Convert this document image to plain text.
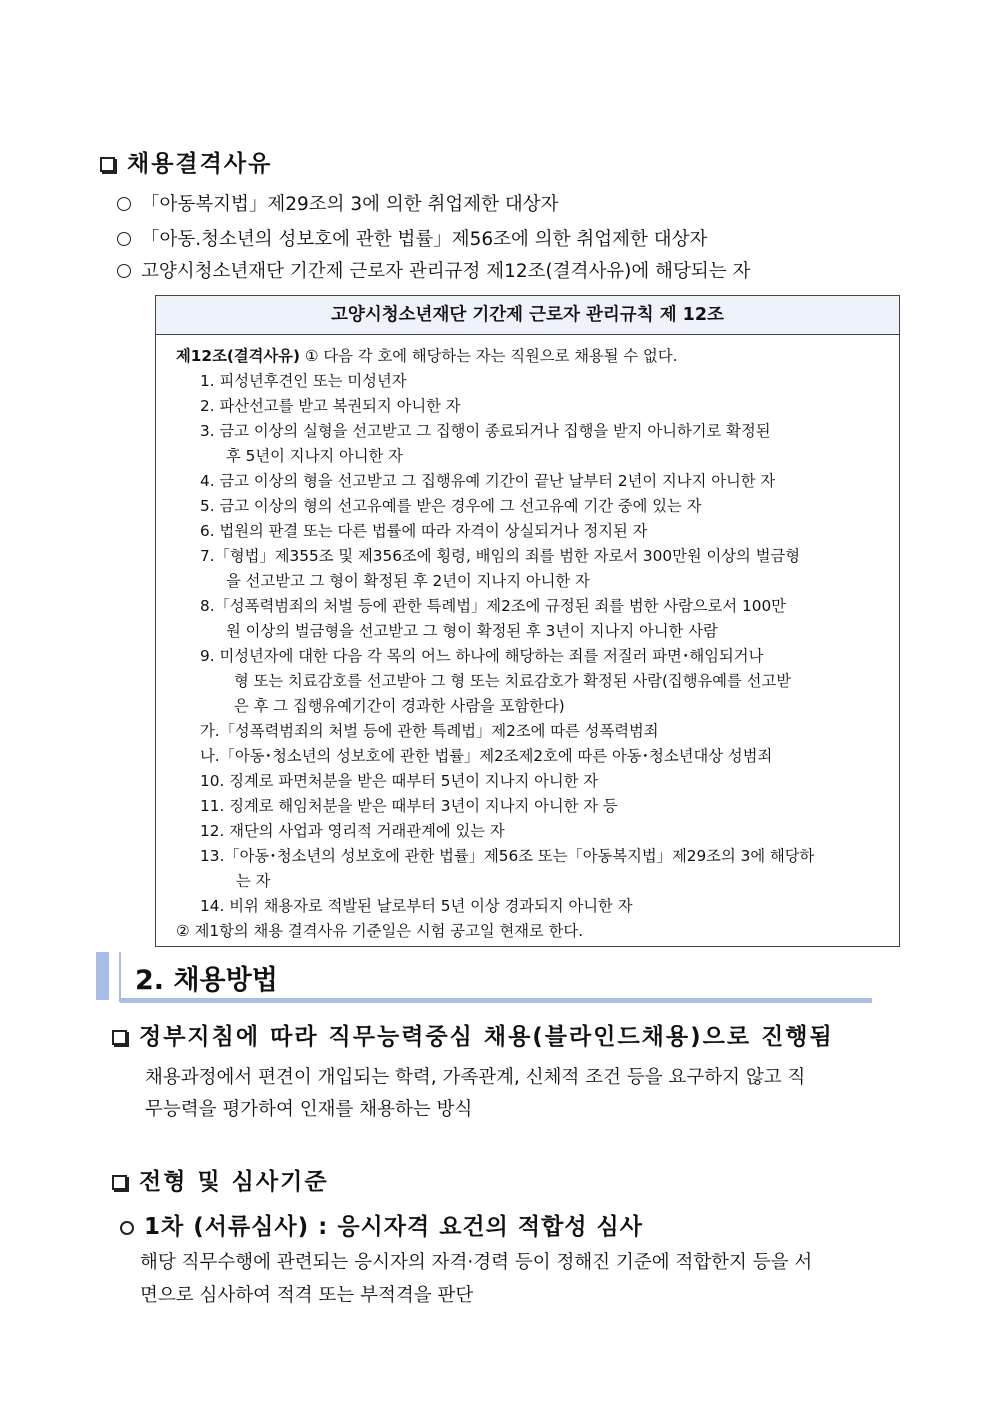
채용결격사유
「아동복지법」제29조의 3에 의한 취업제한 대상자
「아동.청소년의 성보호에 관한 법률」제56조에 의한 취업제한 대상자
고양시청소년재단 기간제 근로자 관리규정 제12조(결격사유)에 해당되는 자
고양시청소년재단 기간제 근로자 관리규칙 제 12조
제12조(결격사유) ① 다음 각 호에 해당하는 자는 직원으로 채용될 수 없다.
1. 피성년후견인 또는 미성년자
2. 파산선고를 받고 복권되지 아니한 자
3. 금고 이상의 실형을 선고받고 그 집행이 종료되거나 집행을 받지 아니하기로 확정된
후 5년이 지나지 아니한 자
4. 금고 이상의 형을 선고받고 그 집행유예 기간이 끝난 날부터 2년이 지나지 아니한 자
5. 금고 이상의 형의 선고유예를 받은 경우에 그 선고유예 기간 중에 있는 자
6. 법원의 판결 또는 다른 법률에 따라 자격이 상실되거나 정지된 자
7.「형법」제355조 및 제356조에 횡령, 배임의 죄를 범한 자로서 300만원 이상의 벌금형
을 선고받고 그 형이 확정된 후 2년이 지나지 아니한 자
8.「성폭력범죄의 처벌 등에 관한 특례법」제2조에 규정된 죄를 범한 사람으로서 100만
원 이상의 벌금형을 선고받고 그 형이 확정된 후 3년이 지나지 아니한 사람
9. 미성년자에 대한 다음 각 목의 어느 하나에 해당하는 죄를 저질러 파면･해임되거나
형 또는 치료감호를 선고받아 그 형 또는 치료감호가 확정된 사람(집행유예를 선고받
은 후 그 집행유예기간이 경과한 사람을 포함한다)
가.「성폭력범죄의 처벌 등에 관한 특례법」제2조에 따른 성폭력범죄
나.「아동･청소년의 성보호에 관한 법률」제2조제2호에 따른 아동･청소년대상 성범죄
10. 징계로 파면처분을 받은 때부터 5년이 지나지 아니한 자
11. 징계로 해임처분을 받은 때부터 3년이 지나지 아니한 자 등
12. 재단의 사업과 영리적 거래관계에 있는 자
13.「아동･청소년의 성보호에 관한 법률」제56조 또는「아동복지법」제29조의 3에 해당하
는 자
14. 비위 채용자로 적발된 날로부터 5년 이상 경과되지 아니한 자
② 제1항의 채용 결격사유 기준일은 시험 공고일 현재로 한다.
2. 채용방법
정부지침에 따라 직무능력중심 채용(블라인드채용)으로 진행됨
채용과정에서 편견이 개입되는 학력, 가족관계, 신체적 조건 등을 요구하지 않고 직
무능력을 평가하여 인재를 채용하는 방식
전형 및 심사기준
1차 (서류심사) : 응시자격 요건의 적합성 심사
해당 직무수행에 관련되는 응시자의 자격·경력 등이 정해진 기준에 적합한지 등을 서
면으로 심사하여 적격 또는 부적격을 판단
